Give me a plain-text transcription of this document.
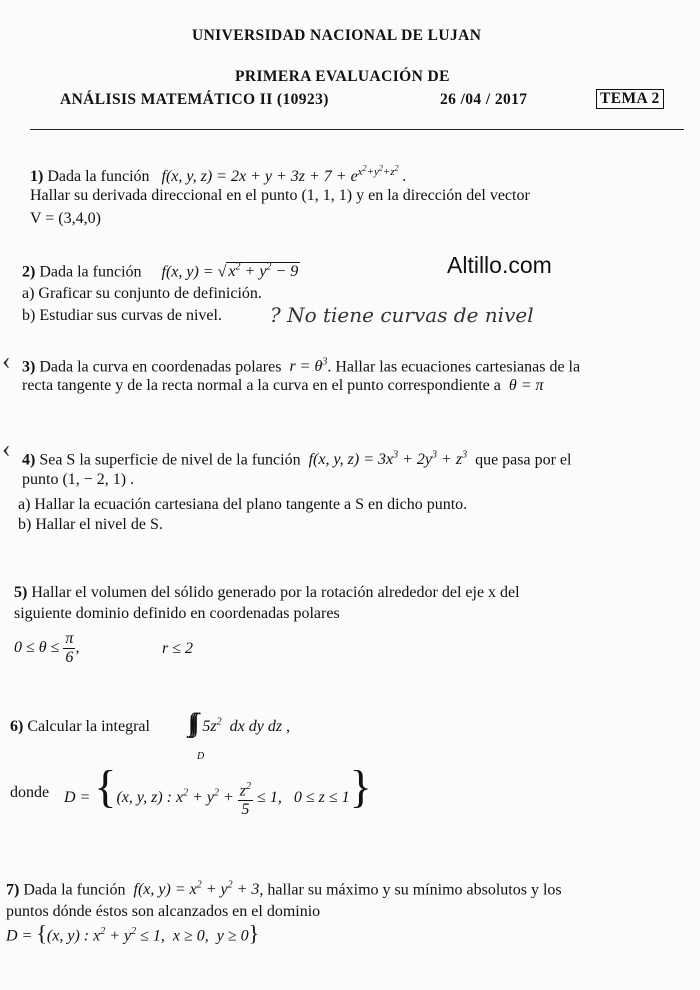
UNIVERSIDAD NACIONAL DE LUJAN
PRIMERA EVALUACIÓN DE
ANÁLISIS MATEMÁTICO II (10923)	26 /04 / 2017	TEMA 2
1) Dada la función   f(x, y, $z) = 2x + y + 3z + 7 + e^{x^2+y^2+z^2}$ .
Hallar su derivada direccional en el punto (1, 1, 1) y en la dirección del vector
V = (3,4,0)
2) Dada la función     f(x, y) = √ $x^2 + y^2 - 9$	Altillo.com
a) Graficar su conjunto de definición.
b) Estudiar sus curvas de nivel. ? No tiene curvas de nivel
‹ 3) Dada la curva en coordenadas polares  $r = \theta^3$. Hallar las ecuaciones cartesianas de la
recta tangente y de la recta normal a la curva en el punto correspondiente a  θ = π
‹ 4) Sea S la superficie de nivel de la función  f(x, y, $z) = 3x^3 + 2y^3 + z^3$ que pasa por el
punto (1, − 2, 1) .
a) Hallar la ecuación cartesiana del plano tangente a S en dicho punto.
b) Hallar el nivel de S.
5) Hallar el volumen del sólido generado por la rotación alrededor del eje x del
siguiente dominio definido en coordenadas polares
$0 \le \theta \le \frac{\pi}{6}$ ,	r ≤ 2
6) Calcular la integral ∫∫∫  $5z^2$  dx dy dz ,
D
donde D = {(x, y, z) : $x^2 + y^2 + \frac{z^2}{5} \le 1$,   0 ≤ z ≤ 1}
7) Dada la función  f(x, $y) = x^2 + y^2 + 3$, hallar su máximo y su mínimo absolutos y los
puntos dónde éstos son alcanzados en el dominio
D = {(x, y) : $x^2 + y^2 \le 1$,  x ≥ 0,  y ≥ 0}
